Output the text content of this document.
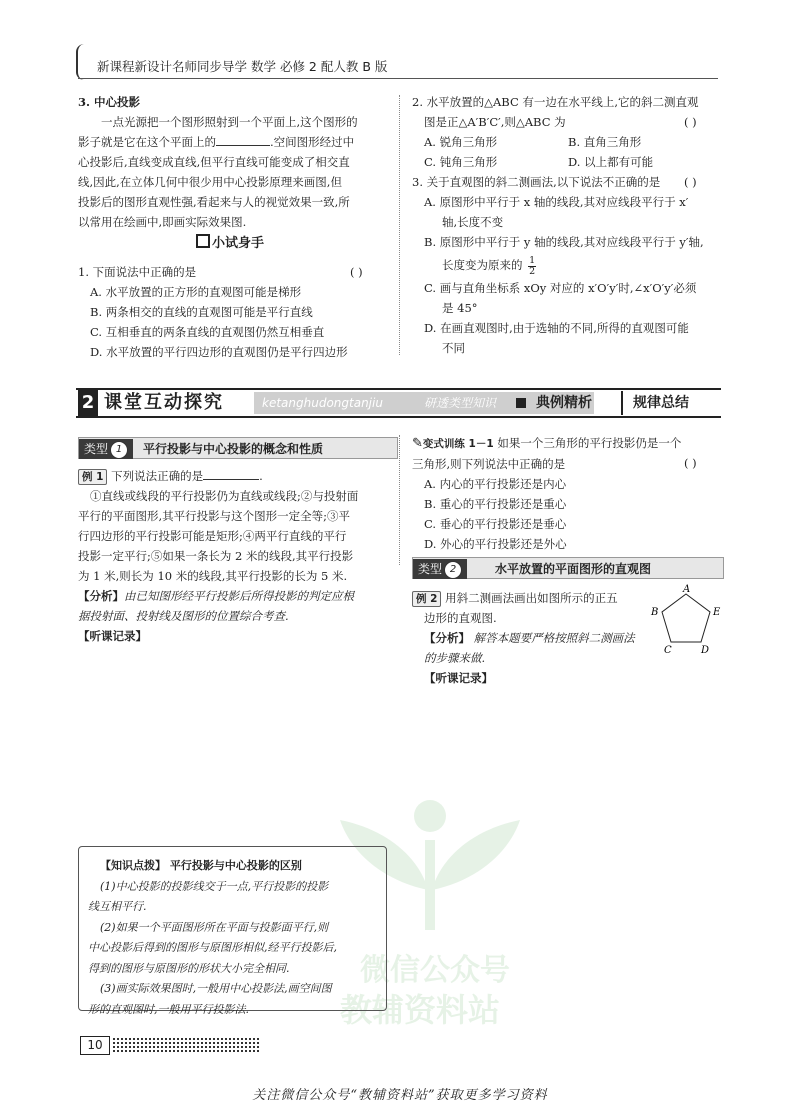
新课程新设计名师同步导学 数学 必修 2 配人教 B 版
3. 中心投影
一点光源把一个图形照射到一个平面上,这个图形的
影子就是它在这个平面上的	.空间图形经过中
心投影后,直线变成直线,但平行直线可能变成了相交直
线,因此,在立体几何中很少用中心投影原理来画图,但
投影后的图形直观性强,看起来与人的视觉效果一致,所
以常用在绘画中,即画实际效果图.
小试身手
1. 下面说法中正确的是
A. 水平放置的正方形的直观图可能是梯形
B. 两条相交的直线的直观图可能是平行直线
C. 互相垂直的两条直线的直观图仍然互相垂直
D. 水平放置的平行四边形的直观图仍是平行四边形
( )
2. 水平放置的△ABC 有一边在水平线上,它的斜二测直观
图是正△A′B′C′,则△ABC 为
A. 锐角三角形	B. 直角三角形
C. 钝角三角形	D. 以上都有可能
( )
3. 关于直观图的斜二测画法,以下说法不正确的是
A. 原图形中平行于 x 轴的线段,其对应线段平行于 x′
轴,长度不变
B. 原图形中平行于 y 轴的线段,其对应线段平行于 y′轴,
长度变为原来的 $\frac{1}{2}$
C. 画与直角坐标系 xOy 对应的 x′O′y′时,∠x′O′y′必须
是 45°
D. 在画直观图时,由于选轴的不同,所得的直观图可能
不同
( )
2 课堂互动探究	ketanghudongtanjiu	研透类型知识	典例精析	规律总结
类型 1 平行投影与中心投影的概念和性质
例 1 下列说法正确的是	.
①直线或线段的平行投影仍为直线或线段;②与投射面
平行的平面图形,其平行投影与这个图形一定全等;③平
行四边形的平行投影可能是矩形;④两平行直线的平行
投影一定平行;⑤如果一条长为 2 米的线段,其平行投影
为 1 米,则长为 10 米的线段,其平行投影的长为 5 米.
【分析】由已知图形经平行投影后所得投影的判定应根
据投射面、投射线及图形的位置综合考查.
【听课记录】
✎变式训练 1－1 如果一个三角形的平行投影仍是一个
三角形,则下列说法中正确的是
A. 内心的平行投影还是内心
B. 重心的平行投影还是重心
C. 垂心的平行投影还是垂心
D. 外心的平行投影还是外心
( )
类型 2	水平放置的平面图形的直观图
例 2 用斜二测画法画出如图所示的正五
边形的直观图.
【分析】 解答本题要严格按照斜二测画法
的步骤来做.
【听课记录】
A
B	E
C	D
微信公众号
教辅资料站
【知识点拨】 平行投影与中心投影的区别
(1)中心投影的投影线交于一点,平行投影的投影
线互相平行.
(2)如果一个平面图形所在平面与投影面平行,则
中心投影后得到的图形与原图形相似,经平行投影后,
得到的图形与原图形的形状大小完全相同.
(3)画实际效果图时,一般用中心投影法,画空间图
形的直观图时,一般用平行投影法.
10
关注微信公众号“教辅资料站”获取更多学习资料
